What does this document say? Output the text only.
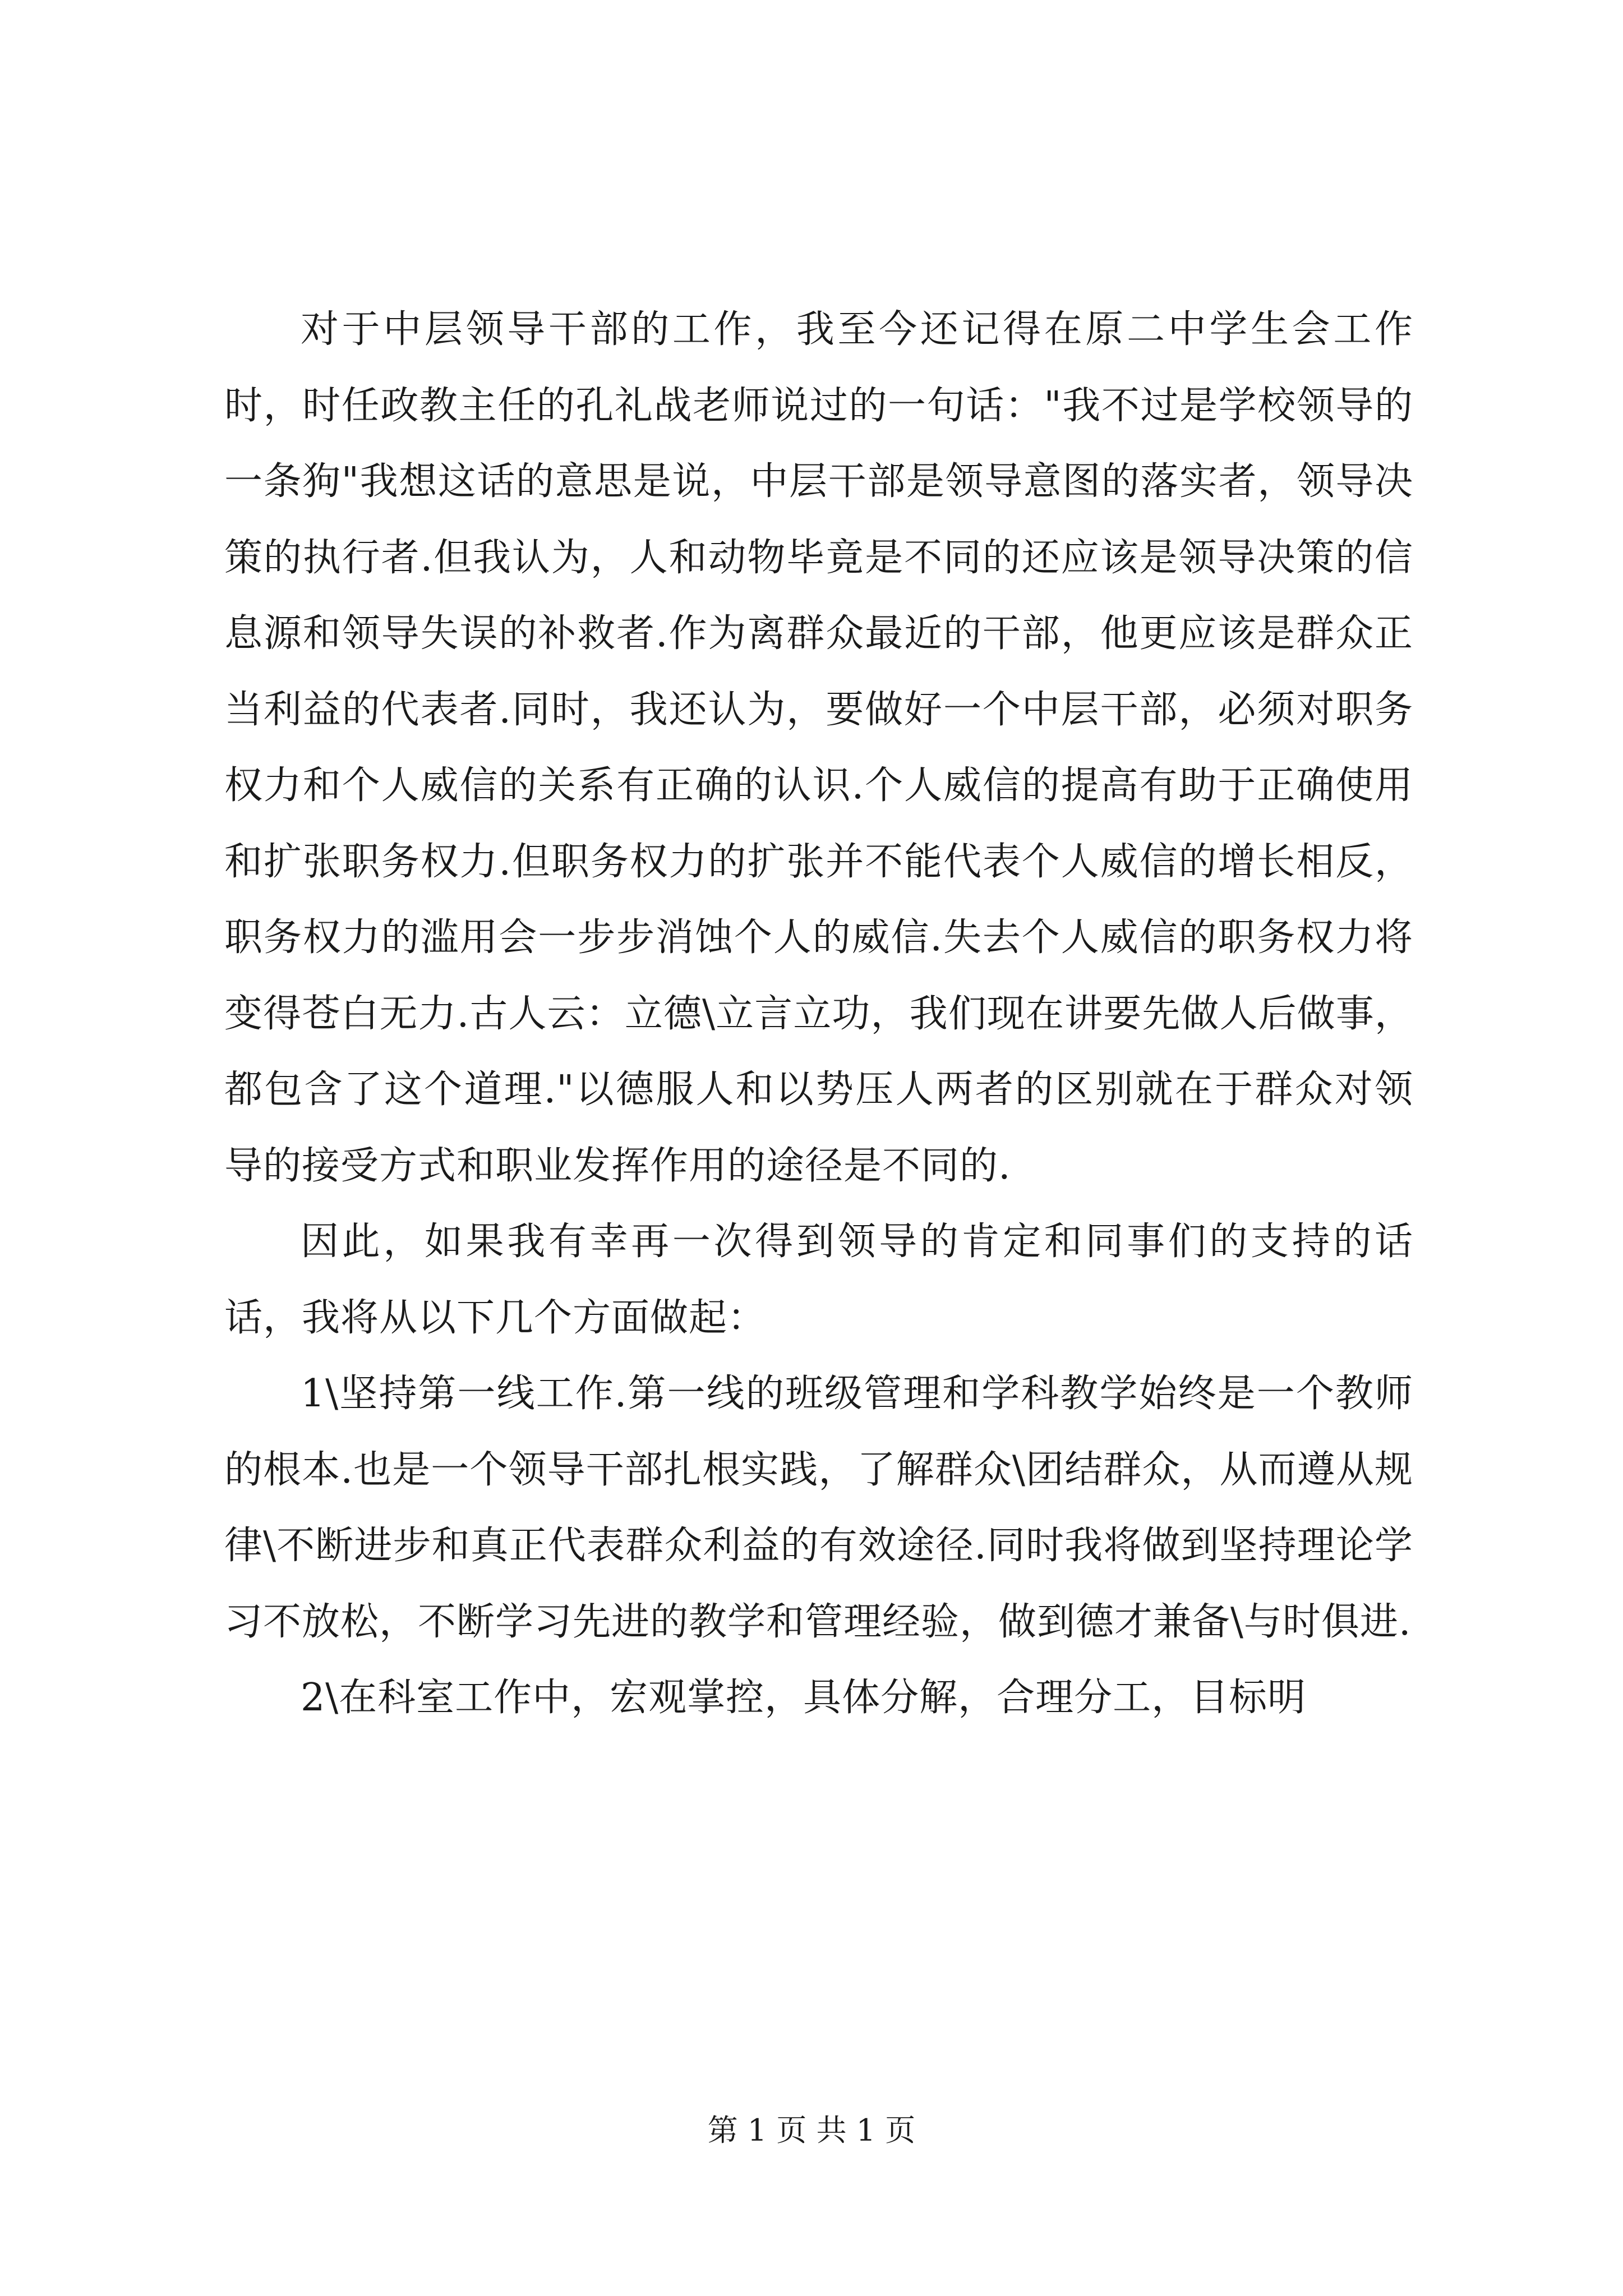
对于中层领导干部的工作，我至今还记得在原二中学生会工作时，时任政教主任的孔礼战老师说过的一句话："我不过是学校领导的一条狗"我想这话的意思是说，中层干部是领导意图的落实者，领导决策的执行者.但我认为，人和动物毕竟是不同的还应该是领导决策的信息源和领导失误的补救者.作为离群众最近的干部，他更应该是群众正当利益的代表者.同时，我还认为，要做好一个中层干部，必须对职务权力和个人威信的关系有正确的认识.个人威信的提高有助于正确使用和扩张职务权力.但职务权力的扩张并不能代表个人威信的增长相反，职务权力的滥用会一步步消蚀个人的威信.失去个人威信的职务权力将变得苍白无力.古人云：立德\立言立功，我们现在讲要先做人后做事，都包含了这个道理."以德服人和以势压人两者的区别就在于群众对领导的接受方式和职业发挥作用的途径是不同的.

因此，如果我有幸再一次得到领导的肯定和同事们的支持的话话，我将从以下几个方面做起：

1\坚持第一线工作.第一线的班级管理和学科教学始终是一个教师的根本.也是一个领导干部扎根实践，了解群众\团结群众，从而遵从规律\不断进步和真正代表群众利益的有效途径.同时我将做到坚持理论学习不放松，不断学习先进的教学和管理经验，做到德才兼备\与时俱进.

2\在科室工作中，宏观掌控，具体分解，合理分工，目标明

第 1 页 共 1 页
